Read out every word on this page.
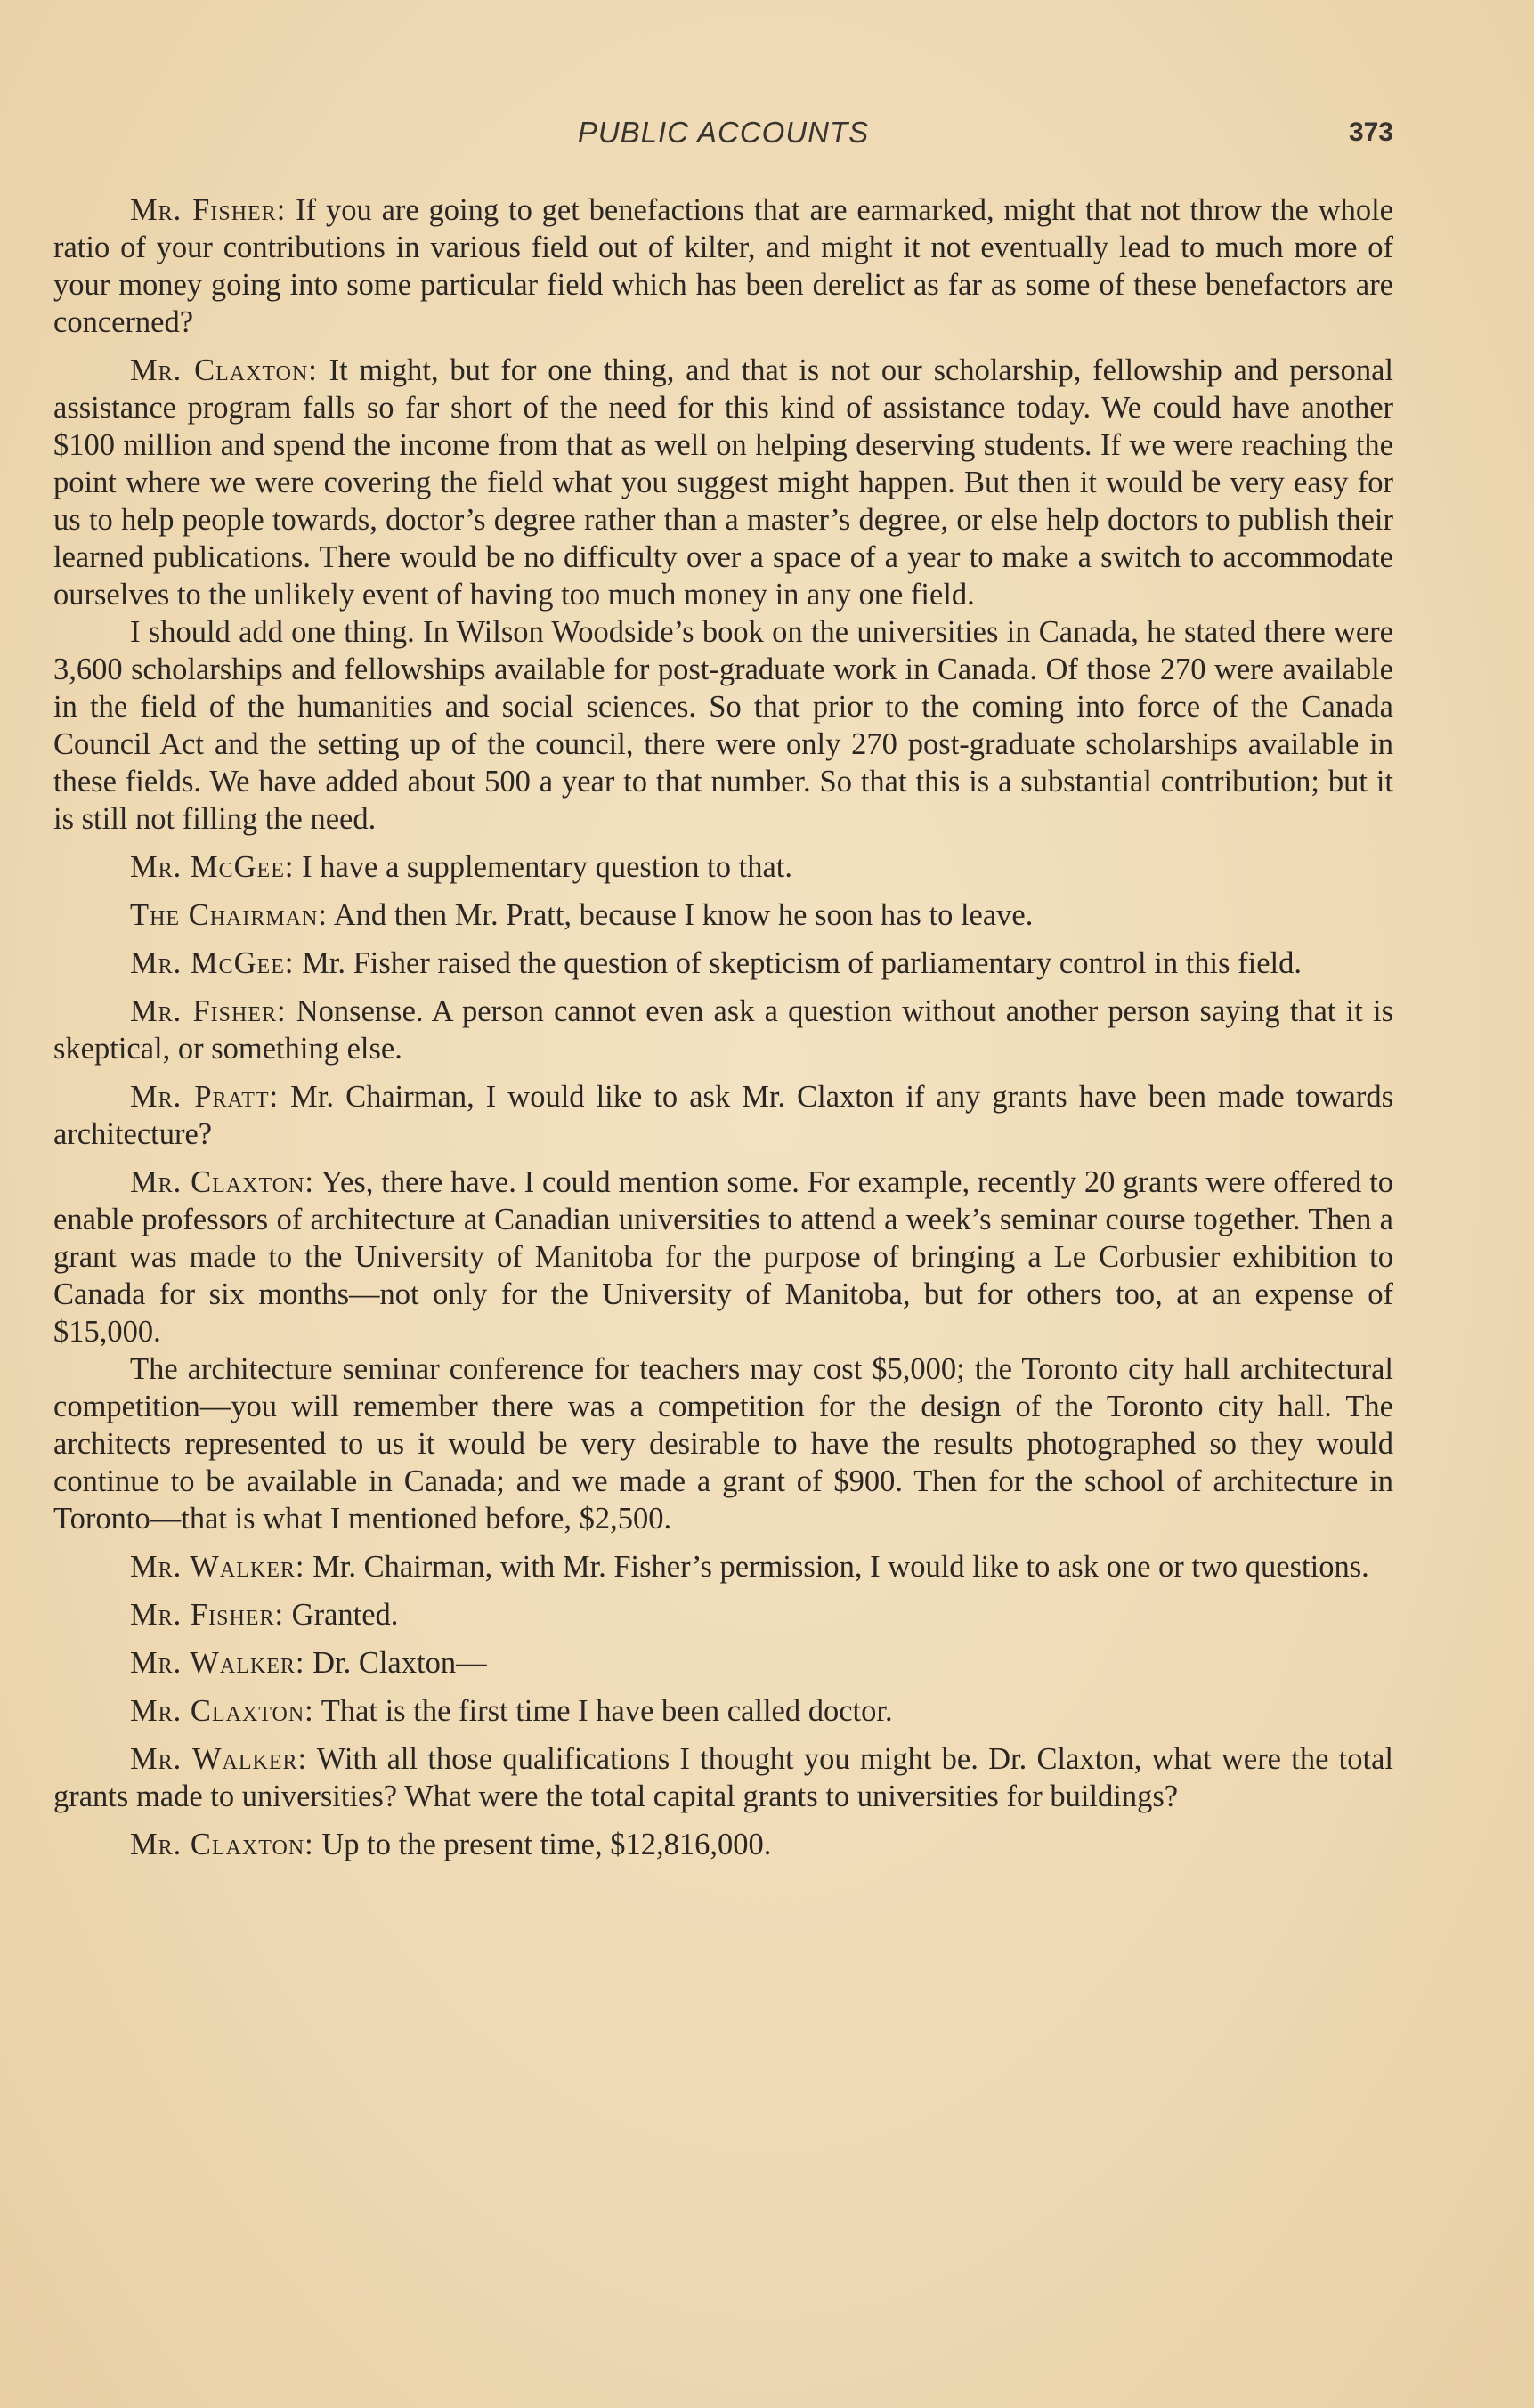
PUBLIC ACCOUNTS	373

Mr. Fisher: If you are going to get benefactions that are earmarked, might that not throw the whole ratio of your contributions in various field out of kilter, and might it not eventually lead to much more of your money going into some particular field which has been derelict as far as some of these benefactors are concerned?

Mr. Claxton: It might, but for one thing, and that is not our scholarship, fellowship and personal assistance program falls so far short of the need for this kind of assistance today. We could have another $100 million and spend the income from that as well on helping deserving students. If we were reaching the point where we were covering the field what you suggest might happen. But then it would be very easy for us to help people towards, doctor’s degree rather than a master’s degree, or else help doctors to publish their learned publications. There would be no difficulty over a space of a year to make a switch to accommodate ourselves to the unlikely event of having too much money in any one field.

I should add one thing. In Wilson Woodside’s book on the universities in Canada, he stated there were 3,600 scholarships and fellowships available for post-graduate work in Canada. Of those 270 were available in the field of the humanities and social sciences. So that prior to the coming into force of the Canada Council Act and the setting up of the council, there were only 270 post-graduate scholarships available in these fields. We have added about 500 a year to that number. So that this is a substantial contribution; but it is still not filling the need.

Mr. McGee: I have a supplementary question to that.

The Chairman: And then Mr. Pratt, because I know he soon has to leave.

Mr. McGee: Mr. Fisher raised the question of skepticism of parliamentary control in this field.

Mr. Fisher: Nonsense. A person cannot even ask a question without another person saying that it is skeptical, or something else.

Mr. Pratt: Mr. Chairman, I would like to ask Mr. Claxton if any grants have been made towards architecture?

Mr. Claxton: Yes, there have. I could mention some. For example, recently 20 grants were offered to enable professors of architecture at Canadian universities to attend a week’s seminar course together. Then a grant was made to the University of Manitoba for the purpose of bringing a Le Corbusier exhibition to Canada for six months—not only for the University of Manitoba, but for others too, at an expense of $15,000.

The architecture seminar conference for teachers may cost $5,000; the Toronto city hall architectural competition—you will remember there was a competition for the design of the Toronto city hall. The architects represented to us it would be very desirable to have the results photographed so they would continue to be available in Canada; and we made a grant of $900. Then for the school of architecture in Toronto—that is what I mentioned before, $2,500.

Mr. Walker: Mr. Chairman, with Mr. Fisher’s permission, I would like to ask one or two questions.

Mr. Fisher: Granted.

Mr. Walker: Dr. Claxton—

Mr. Claxton: That is the first time I have been called doctor.

Mr. Walker: With all those qualifications I thought you might be. Dr. Claxton, what were the total grants made to universities? What were the total capital grants to universities for buildings?

Mr. Claxton: Up to the present time, $12,816,000.
